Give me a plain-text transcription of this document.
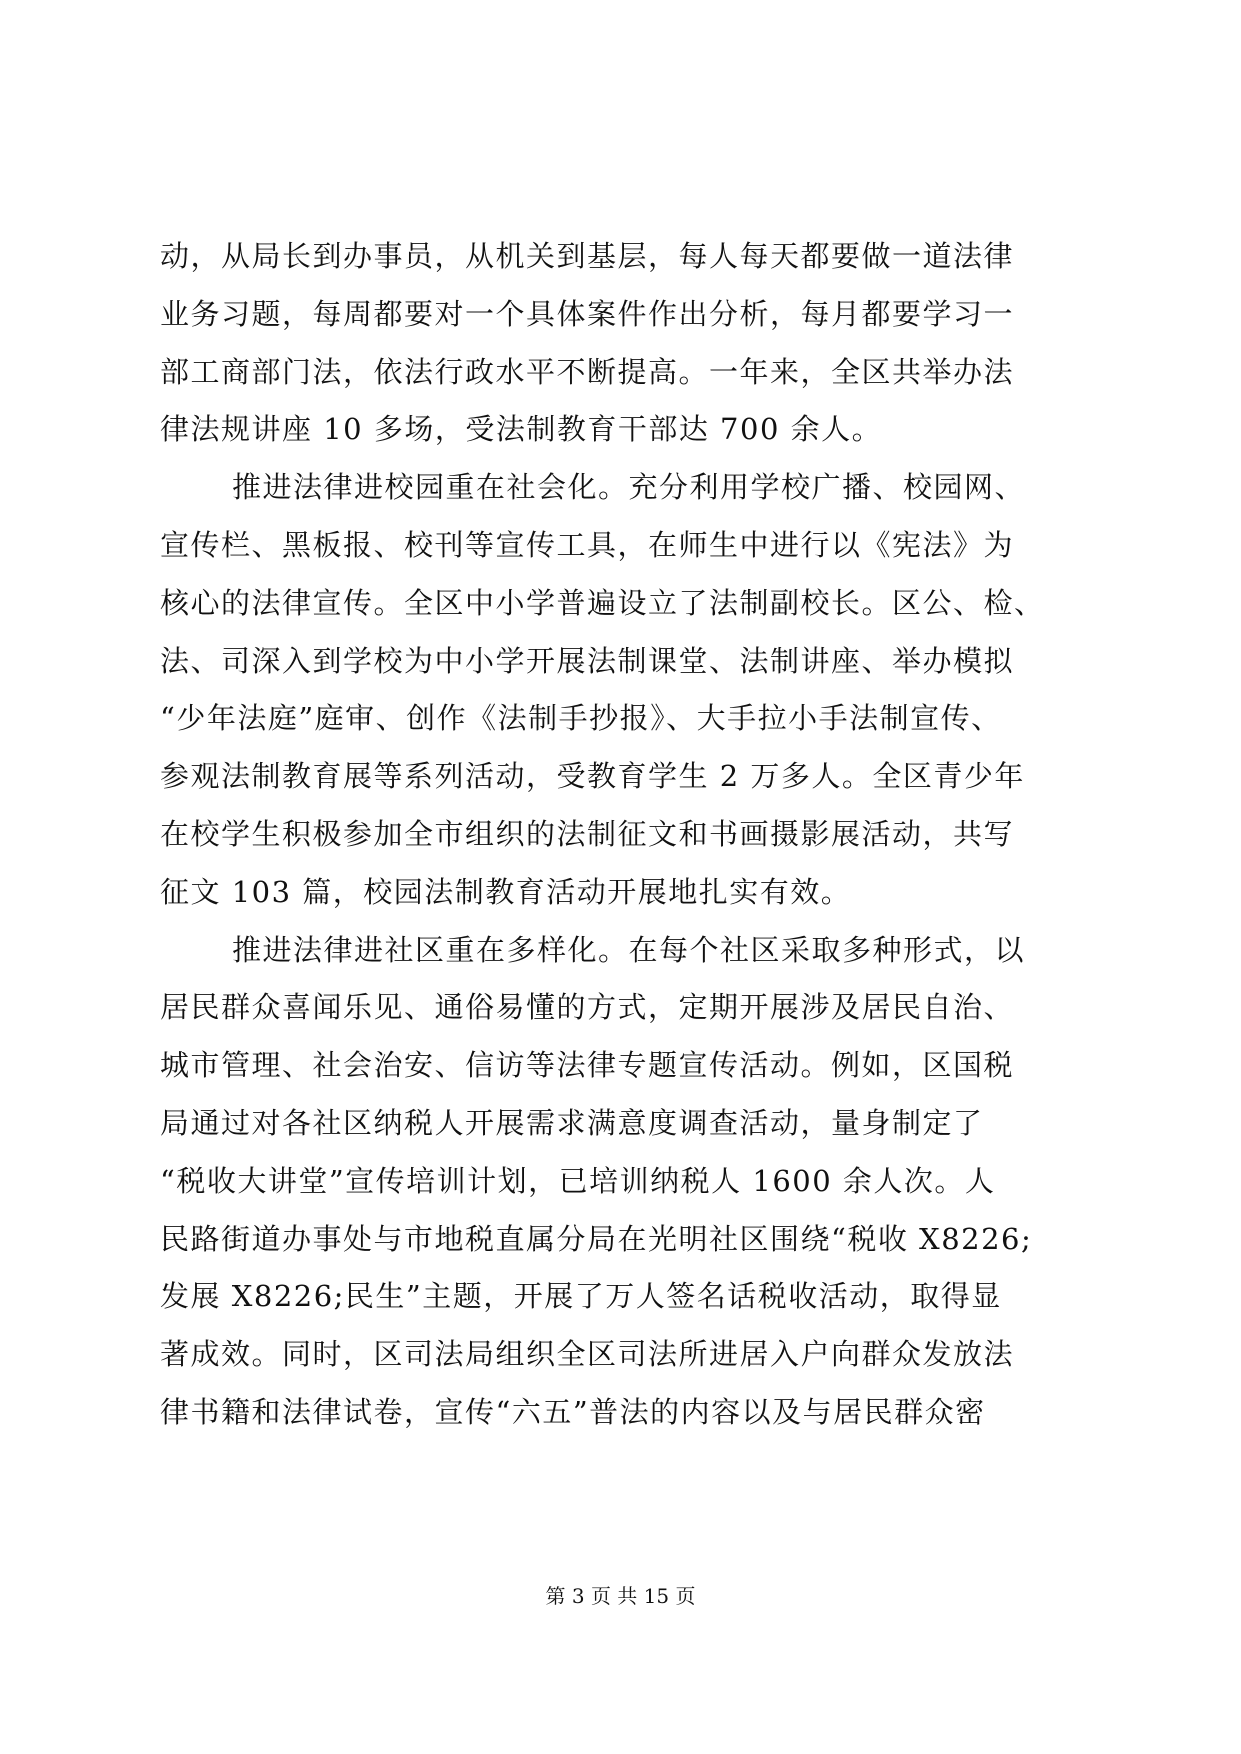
动，从局长到办事员，从机关到基层，每人每天都要做一道法律
业务习题，每周都要对一个具体案件作出分析，每月都要学习一
部工商部门法，依法行政水平不断提高。一年来，全区共举办法
律法规讲座 10 多场，受法制教育干部达 700 余人。
推进法律进校园重在社会化。充分利用学校广播、校园网、
宣传栏、黑板报、校刊等宣传工具，在师生中进行以《宪法》为
核心的法律宣传。全区中小学普遍设立了法制副校长。区公、检、
法、司深入到学校为中小学开展法制课堂、法制讲座、举办模拟
“少年法庭”庭审、创作《法制手抄报》、大手拉小手法制宣传、
参观法制教育展等系列活动，受教育学生 2 万多人。全区青少年
在校学生积极参加全市组织的法制征文和书画摄影展活动，共写
征文 103 篇，校园法制教育活动开展地扎实有效。
推进法律进社区重在多样化。在每个社区采取多种形式，以
居民群众喜闻乐见、通俗易懂的方式，定期开展涉及居民自治、
城市管理、社会治安、信访等法律专题宣传活动。例如，区国税
局通过对各社区纳税人开展需求满意度调查活动，量身制定了
“税收大讲堂”宣传培训计划，已培训纳税人 1600 余人次。人
民路街道办事处与市地税直属分局在光明社区围绕“税收 X8226;
发展 X8226;民生”主题，开展了万人签名话税收活动，取得显
著成效。同时，区司法局组织全区司法所进居入户向群众发放法
律书籍和法律试卷，宣传“六五”普法的内容以及与居民群众密
第 3 页 共 15 页
